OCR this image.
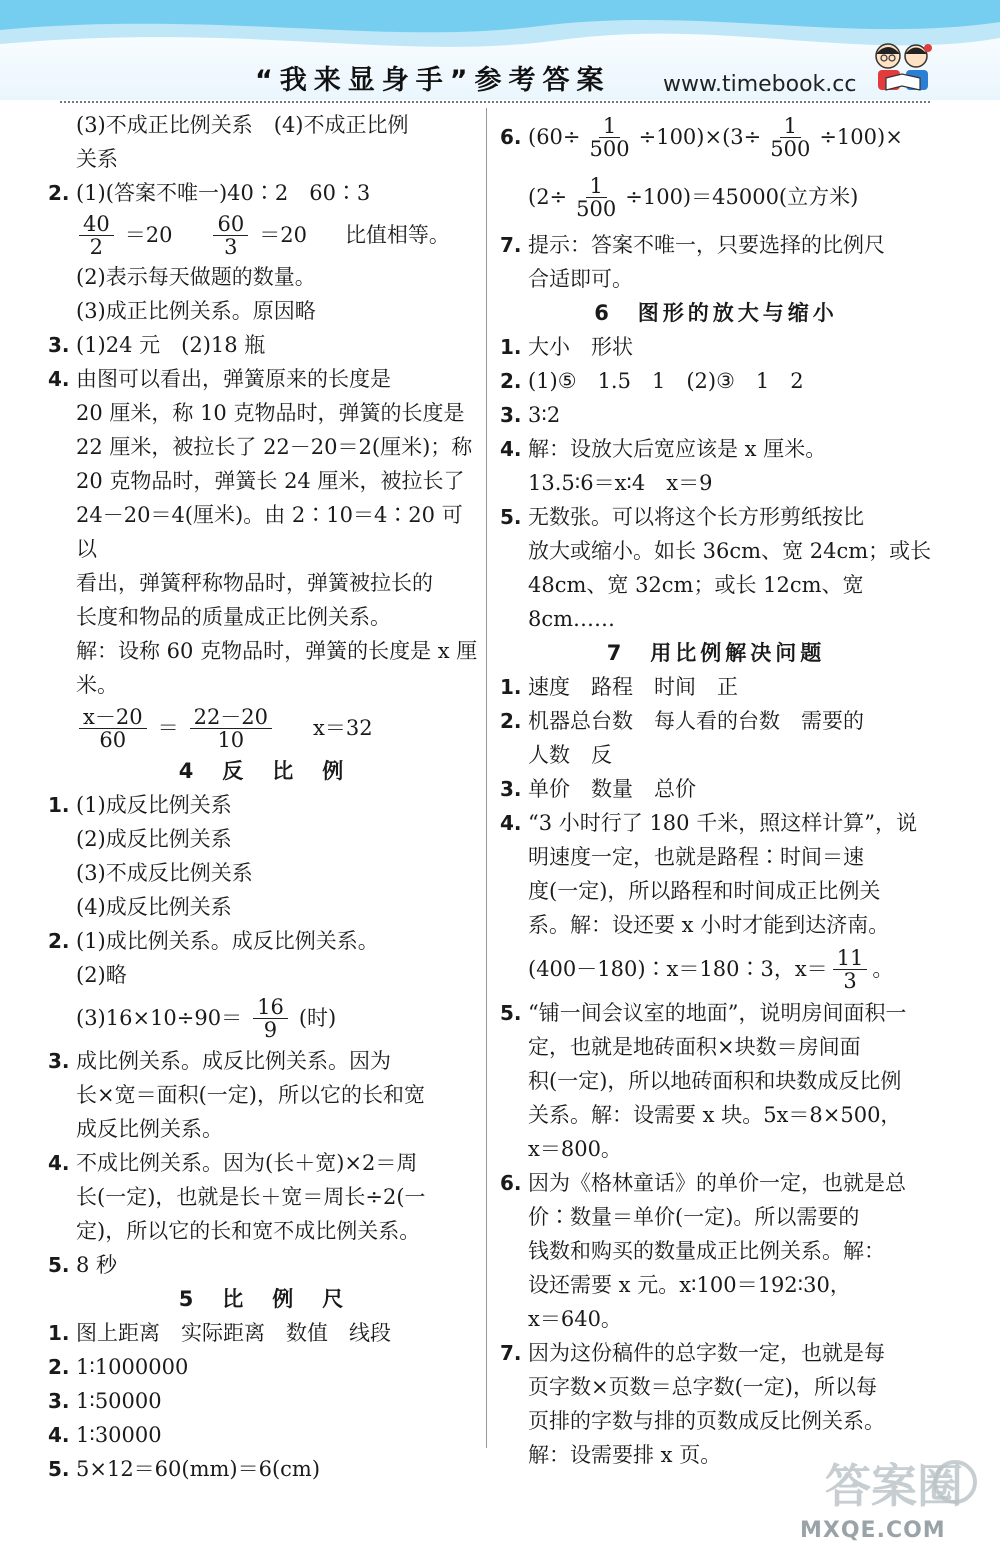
“我来显身手”参考答案 www.timebook.cc
(3)不成正比例关系　(4)不成正比例
关系
2. (1)(答案不唯一)40∶2　60∶3
$\frac{40}{2} =20 \frac{60}{3} =20$ 比值相等。
(2)表示每天做题的数量。
(3)成正比例关系。原因略
3. (1)24 元　(2)18 瓶
4. 由图可以看出，弹簧原来的长度是
20 厘米，称 10 克物品时，弹簧的长度是
22 厘米，被拉长了 22－20＝2(厘米)；称
20 克物品时，弹簧长 24 厘米，被拉长了
24－20＝4(厘米)。由 2∶10＝4∶20 可以
看出，弹簧秤称物品时，弹簧被拉长的
长度和物品的质量成正比例关系。
解：设称 60 克物品时，弹簧的长度是 x 厘米。
$\frac{x-20}{60} = \frac{22-20}{10} x=32$
4　反　比　例
1. (1)成反比例关系
(2)成反比例关系
(3)不成反比例关系
(4)成反比例关系
2. (1)成比例关系。成反比例关系。
(2)略
$(3)16\times 10\div 90= \frac{16}{9}$ (时)
3. 成比例关系。成反比例关系。因为
长×宽＝面积(一定)，所以它的长和宽
成反比例关系。
4. 不成比例关系。因为(长＋宽)×2＝周
长(一定)，也就是长＋宽＝周长÷2(一
定)，所以它的长和宽不成比例关系。
5. 8 秒
5　比　例　尺
1. 图上距离　实际距离　数值　线段
2. 1∶1000000
3. 1∶50000
4. 1∶30000
5. 5×12＝60(mm)＝6(cm)
6. $(60\div \frac{1}{500} \div 100)\times(3\div \frac{1}{500} \div 100)\times$
$(2\div \frac{1}{500} \div 100)=45000$(立方米)
7. 提示：答案不唯一，只要选择的比例尺
合适即可。
6　图形的放大与缩小
1. 大小　形状
2. (1)⑤　1.5　1　(2)③　1　2
3. 3∶2
4. 解：设放大后宽应该是 x 厘米。
13.5∶6＝x∶4　x＝9
5. 无数张。可以将这个长方形剪纸按比
放大或缩小。如长 36cm、宽 24cm；或长
48cm、宽 32cm；或长 12cm、宽 8cm……
7　用比例解决问题
1. 速度　路程　时间　正
2. 机器总台数　每人看的台数　需要的
人数　反
3. 单价　数量　总价
4. “3 小时行了 180 千米，照这样计算”，说
明速度一定，也就是路程∶时间＝速
度(一定)，所以路程和时间成正比例关
系。解：设还要 x 小时才能到达济南。
(400－180)∶x＝180∶3，$x= \frac{11}{3}$ 。
5. “铺一间会议室的地面”，说明房间面积一
定，也就是地砖面积×块数＝房间面
积(一定)，所以地砖面积和块数成反比例
关系。解：设需要 x 块。5x＝8×500，
x＝800。
6. 因为《格林童话》的单价一定，也就是总
价∶数量＝单价(一定)。所以需要的
钱数和购买的数量成正比例关系。解：
设还需要 x 元。x∶100＝192∶30，
x＝640。
7. 因为这份稿件的总字数一定，也就是每
页字数×页数＝总字数(一定)，所以每
页排的字数与排的页数成反比例关系。
解：设需要排 x 页。
答案圈
MXQE.COM
